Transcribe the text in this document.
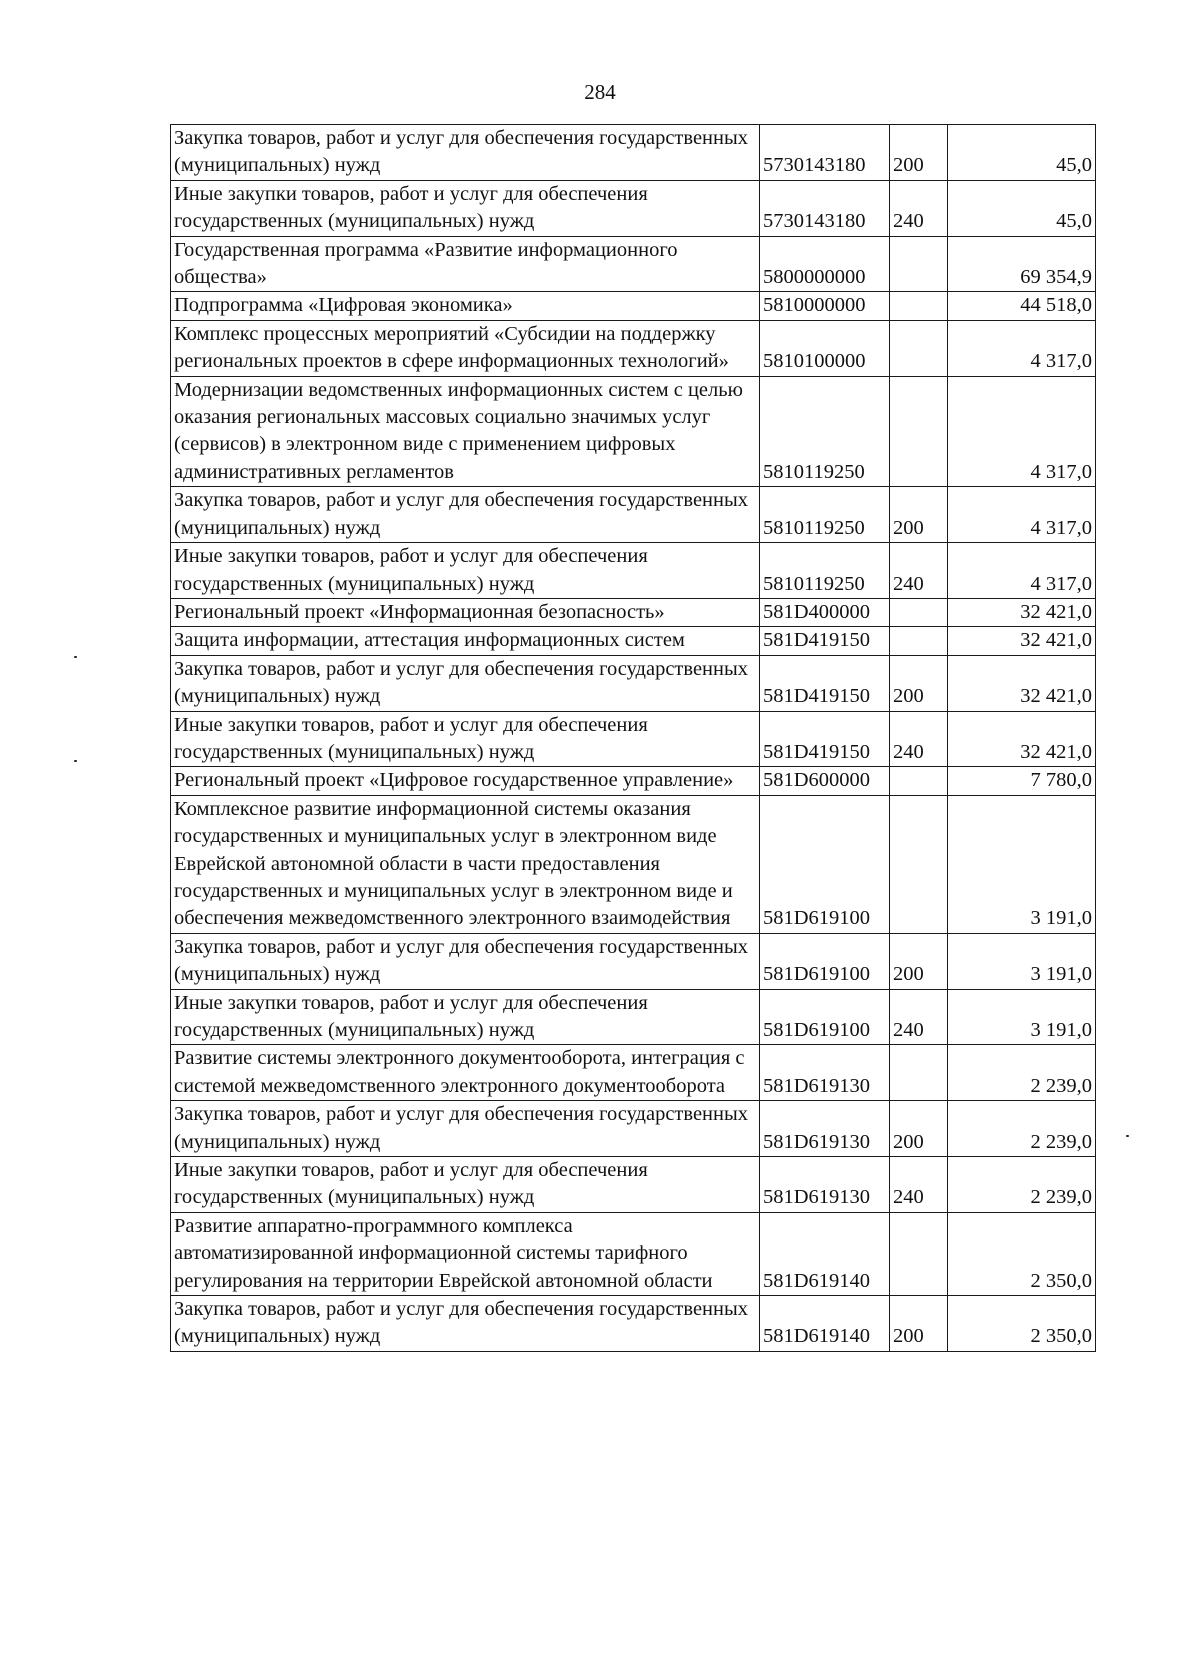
284
Закупка товаров, работ и услуг для обеспечения государственных (муниципальных) нужд	5730143180	200	45,0
Иные закупки товаров, работ и услуг для обеспечения государственных (муниципальных) нужд	5730143180	240	45,0
Государственная программа «Развитие информационного общества»	5800000000		69 354,9
Подпрограмма «Цифровая экономика»	5810000000		44 518,0
Комплекс процессных мероприятий «Субсидии на поддержку региональных проектов в сфере информационных технологий»	5810100000		4 317,0
Модернизации ведомственных информационных систем с целью оказания региональных массовых социально значимых услуг (сервисов) в электронном виде с применением цифровых административных регламентов	5810119250		4 317,0
Закупка товаров, работ и услуг для обеспечения государственных (муниципальных) нужд	5810119250	200	4 317,0
Иные закупки товаров, работ и услуг для обеспечения государственных (муниципальных) нужд	5810119250	240	4 317,0
Региональный проект «Информационная безопасность»	581D400000		32 421,0
Защита информации, аттестация информационных систем	581D419150		32 421,0
Закупка товаров, работ и услуг для обеспечения государственных (муниципальных) нужд	581D419150	200	32 421,0
Иные закупки товаров, работ и услуг для обеспечения государственных (муниципальных) нужд	581D419150	240	32 421,0
Региональный проект «Цифровое государственное управление»	581D600000		7 780,0
Комплексное развитие информационной системы оказания государственных и муниципальных услуг в электронном виде Еврейской автономной области в части предоставления государственных и муниципальных услуг в электронном виде и обеспечения межведомственного электронного взаимодействия	581D619100		3 191,0
Закупка товаров, работ и услуг для обеспечения государственных (муниципальных) нужд	581D619100	200	3 191,0
Иные закупки товаров, работ и услуг для обеспечения государственных (муниципальных) нужд	581D619100	240	3 191,0
Развитие системы электронного документооборота, интеграция с системой межведомственного электронного документооборота	581D619130		2 239,0
Закупка товаров, работ и услуг для обеспечения государственных (муниципальных) нужд	581D619130	200	2 239,0
Иные закупки товаров, работ и услуг для обеспечения государственных (муниципальных) нужд	581D619130	240	2 239,0
Развитие аппаратно-программного комплекса автоматизированной информационной системы тарифного регулирования на территории Еврейской автономной области	581D619140		2 350,0
Закупка товаров, работ и услуг для обеспечения государственных (муниципальных) нужд	581D619140	200	2 350,0
